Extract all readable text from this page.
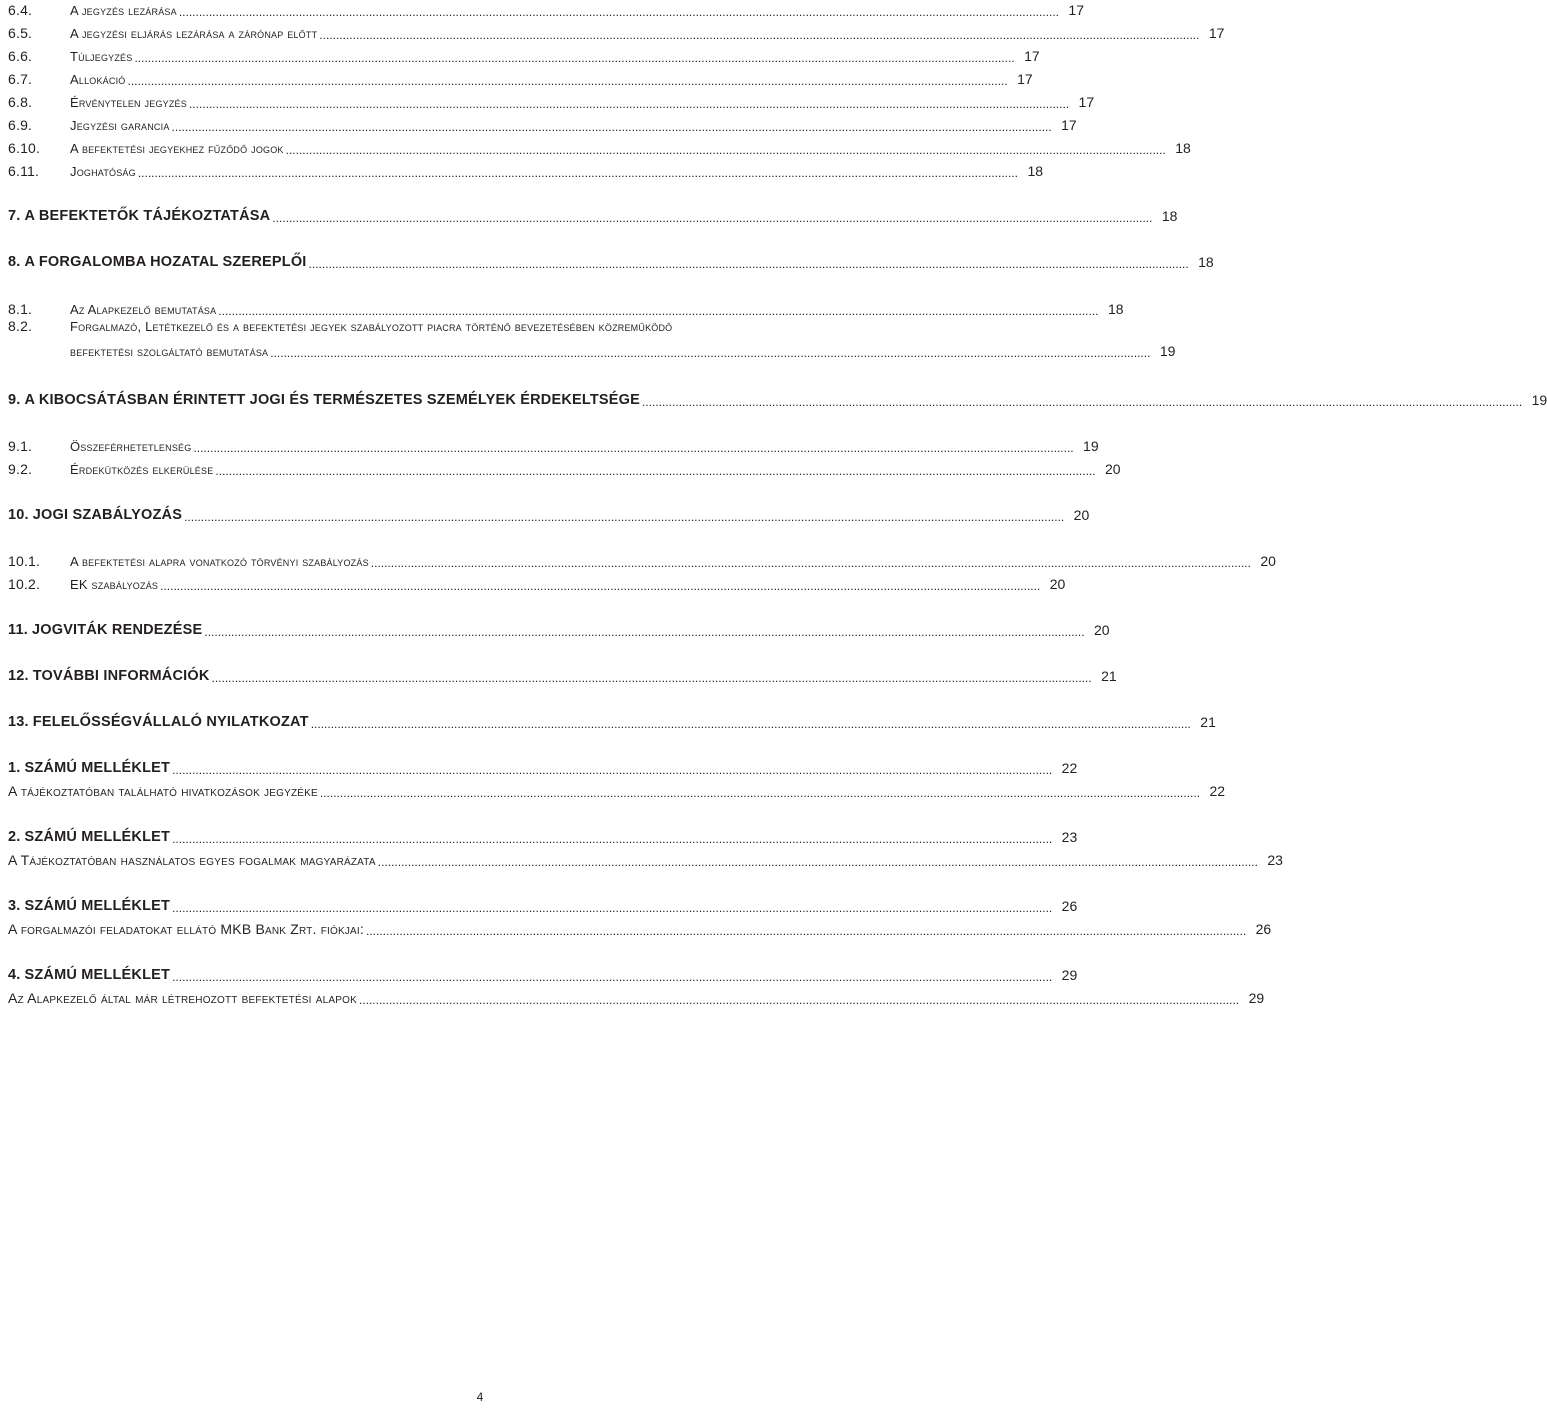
6.4.	A jegyzés lezárása .....	17
6.5.	A jegyzési eljárás lezárása a zárónap előtt .....	17
6.6.	Túljegyzés .....	17
6.7.	Allokáció .....	17
6.8.	Érvénytelen jegyzés .....	17
6.9.	Jegyzési garancia .....	17
6.10.	A befektetési jegyekhez fűződő jogok .....	18
6.11.	Joghatóság .....	18
7. A BEFEKTETŐK TÁJÉKOZTATÁSA .....	18
8. A FORGALOMBA HOZATAL SZEREPLŐI .....	18
8.1.	Az Alapkezelő bemutatása .....	18
8.2.	Forgalmazó, Letétkezelő és a befektetési jegyek szabályozott piacra történő bevezetésében közreműködő
befektetési szolgáltató bemutatása .....	19
9. A KIBOCSÁTÁSBAN ÉRINTETT JOGI ÉS TERMÉSZETES SZEMÉLYEK ÉRDEKELTSÉGE .....	19
9.1.	Összeférhetetlenség .....	19
9.2.	Érdekütközés elkerülése .....	20
10. JOGI SZABÁLYOZÁS .....	20
10.1.	A befektetési alapra vonatkozó törvényi szabályozás .....	20
10.2.	EK szabályozás .....	20
11. JOGVITÁK RENDEZÉSE .....	20
12. TOVÁBBI INFORMÁCIÓK .....	21
13. FELELŐSSÉGVÁLLALÓ NYILATKOZAT .....	21
1. SZÁMÚ MELLÉKLET .....	22
A tájékoztatóban található hivatkozások jegyzéke .....	22
2. SZÁMÚ MELLÉKLET .....	23
A Tájékoztatóban használatos egyes fogalmak magyarázata .....	23
3. SZÁMÚ MELLÉKLET .....	26
A forgalmazói feladatokat ellátó MKB Bank Zrt. fiókjai: .....	26
4. SZÁMÚ MELLÉKLET .....	29
Az Alapkezelő által már létrehozott befektetési alapok .....	29
4
